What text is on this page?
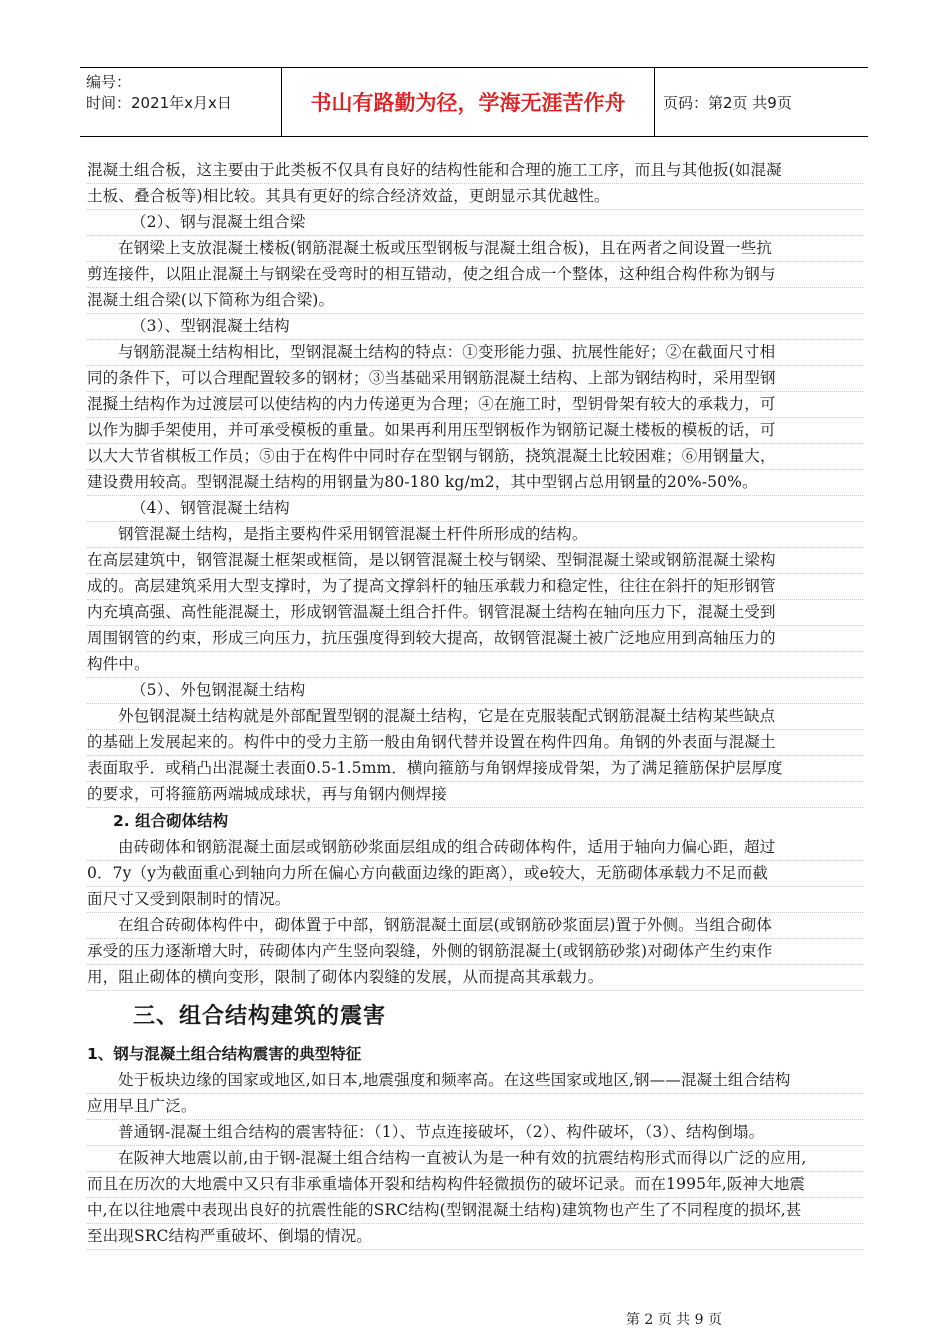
编号：
时间：2021年x月x日	书山有路勤为径，学海无涯苦作舟	页码：第2页 共9页
混凝土组合板，这主要由于此类板不仅具有良好的结构性能和合理的施工工序，而且与其他扳(如混凝
土板、叠合板等)相比较。其具有更好的综合经济效益，更朗显示其优越性。
（2）、钢与混凝土组合梁
在钢梁上支放混凝土楼板(钢筋混凝土板或压型钢板与混凝土组合板)，且在两者之间设置一些抗
剪连接件，以阻止混凝土与钢梁在受弯时的相互错动，使之组合成一个整体，这种组合构件称为钢与
混凝土组合梁(以下简称为组合梁)。
（3）、型钢混凝土结构
与钢筋混凝土结构相比，型钢混凝土结构的特点：①变形能力强、抗展性能好；②在截面尺寸相
同的条件下，可以合理配置较多的钢材；③当基础采用钢筋混凝土结构、上部为钢结构时，采用型钢
混擬土结构作为过渡层可以使结构的内力传递更为合理；④在施工时，型钥骨架有较大的承栽力，可
以作为脚手架使用，并可承受模板的重量。如果再利用压型钢板作为钢筋记凝土楼板的模板的话，可
以大大节省棋板工作员；⑤由于在构件中同时存在型钢与钢筋，挠筑混凝土比较困难；⑥用钢量大，
建设费用较高。型钢混凝土结构的用钢量为80-180 kg/m2，其中型钢占总用钢量的20%-50%。
（4）、钢管混凝土结构
钢管混凝土结构，是指主要构件采用钢管混凝土杆件所形成的结构。
在高层建筑中，钢管混凝土框架或框筒，是以钢管混凝土校与钢梁、型铜混凝土梁或钢筋混凝土梁构
成的。高层建筑采用大型支撑时，为了提高文撑斜杆的轴压承载力和稳定性，往往在斜扞的矩形钢管
内充填高强、高性能混凝土，形成钢管温凝土组合扦件。钢管混凝土结构在轴向压力下，混凝土受到
周围钢管的约束，形成三向压力，抗压强度得到较大提高，故钢管混凝土被广泛地应用到高轴压力的
构件中。
（5）、外包钢混凝土结构
外包钢混凝土结构就是外部配置型钢的混凝土结构，它是在克服装配式钢筋混凝土结构某些缺点
的基础上发展起来的。构件中的受力主筋一般由角钢代替并设置在构件四角。角钢的外表面与混凝土
表面取乎．或稍凸出混凝土表面0.5-1.5mm．横向箍筋与角钢焊接成骨架，为了满足箍筋保护层厚度
的要求，可将箍筋两端城成球状，再与角钢内侧焊接
2. 组合砌体结构
由砖砌体和钢筋混凝土面层或钢筋砂浆面层组成的组合砖砌体构件，适用于轴向力偏心距，超过
0．7y（y为截面重心到轴向力所在偏心方向截面边缘的距离），或e较大，无筋砌体承载力不足而截
面尺寸又受到限制时的情况。
在组合砖砌体构件中，砌体置于中部，钢筋混凝土面层(或钢筋砂浆面层)置于外侧。当组合砌体
承受的压力逐渐增大时，砖砌体内产生竖向裂缝，外侧的钢筋混凝土(或钢筋砂浆)对砌体产生约束作
用，阻止砌体的横向变形，限制了砌体内裂缝的发展，从而提高其承载力。
三、组合结构建筑的震害
1、钢与混凝土组合结构震害的典型特征
处于板块边缘的国家或地区,如日本,地震强度和频率高。在这些国家或地区,钢——混凝土组合结构
应用早且广泛。
普通钢-混凝土组合结构的震害特征：（1）、节点连接破坏，（2）、构件破坏，（3）、结构倒塌。
在阪神大地震以前,由于钢-混凝土组合结构一直被认为是一种有效的抗震结构形式而得以广泛的应用,
而且在历次的大地震中又只有非承重墙体开裂和结构构件轻微损伤的破坏记录。而在1995年,阪神大地震
中,在以往地震中表现出良好的抗震性能的SRC结构(型钢混凝土结构)建筑物也产生了不同程度的损坏,甚
至出现SRC结构严重破坏、倒塌的情况。
第 2 页 共 9 页
